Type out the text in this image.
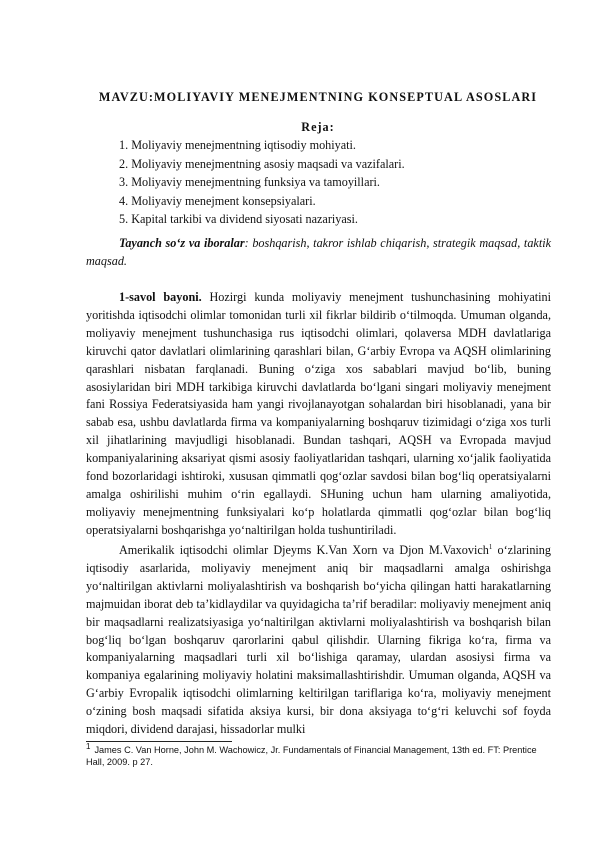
MAVZU:MOLIYAVIY MENEJMENTNING KONSEPTUAL ASOSLARI
Reja:
1. Moliyaviy menejmentning iqtisodiy mohiyati.
2. Moliyaviy menejmentning asosiy maqsadi va vazifalari.
3. Moliyaviy menejmentning funksiya va tamoyillari.
4. Moliyaviy menejment konsepsiyalari.
5. Kapital tarkibi va dividend siyosati nazariyasi.

Tayanch so‘z va iboralar: boshqarish, takror ishlab chiqarish, strategik maqsad, taktik maqsad.

1-savol bayoni. Hozirgi kunda moliyaviy menejment tushunchasining mohiyatini yoritishda iqtisodchi olimlar tomonidan turli xil fikrlar bildirib o‘tilmoqda. Umuman olganda, moliyaviy menejment tushunchasiga rus iqtisodchi olimlari, qolaversa MDH davlatlariga kiruvchi qator davlatlari olimlarining qarashlari bilan, G‘arbiy Evropa va AQSH olimlarining qarashlari nisbatan farqlanadi. Buning o‘ziga xos sabablari mavjud bo‘lib, buning asosiylaridan biri MDH tarkibiga kiruvchi davlatlarda bo‘lgani singari moliyaviy menejment fani Rossiya Federatsiyasida ham yangi rivojlanayotgan sohalardan biri hisoblanadi, yana bir sabab esa, ushbu davlatlarda firma va kompaniyalarning boshqaruv tizimidagi o‘ziga xos turli xil jihatlarining mavjudligi hisoblanadi. Bundan tashqari, AQSH va Evropada mavjud kompaniyalarining aksariyat qismi asosiy faoliyatlaridan tashqari, ularning xo‘jalik faoliyatida fond bozorlaridagi ishtiroki, xususan qimmatli qog‘ozlar savdosi bilan bog‘liq operatsiyalarni amalga oshirilishi muhim o‘rin egallaydi. SHuning uchun ham ularning amaliyotida, moliyaviy menejmentning funksiyalari ko‘p holatlarda qimmatli qog‘ozlar bilan bog‘liq operatsiyalarni boshqarishga yo‘naltirilgan holda tushuntiriladi.

Amerikalik iqtisodchi olimlar Djeyms K.Van Xorn va Djon M.Vaxovich$^1$ o‘zlarining iqtisodiy asarlarida, moliyaviy menejment aniq bir maqsadlarni amalga oshirishga yo‘naltirilgan aktivlarni moliyalashtirish va boshqarish bo‘yicha qilingan hatti harakatlarning majmuidan iborat deb ta’kidlaydilar va quyidagicha ta’rif beradilar: moliyaviy menejment aniq bir maqsadlarni realizatsiyasiga yo‘naltirilgan aktivlarni moliyalashtirish va boshqarish bilan bog‘liq bo‘lgan boshqaruv qarorlarini qabul qilishdir. Ularning fikriga ko‘ra, firma va kompaniyalarning maqsadlari turli xil bo‘lishiga qaramay, ulardan asosiysi firma va kompaniya egalarining moliyaviy holatini maksimallashtirishdir. Umuman olganda, AQSH va G‘arbiy Evropalik iqtisodchi olimlarning keltirilgan tariflariga ko‘ra, moliyaviy menejment o‘zining bosh maqsadi sifatida aksiya kursi, bir dona aksiyaga to‘g‘ri keluvchi sof foyda miqdori, dividend darajasi, hissadorlar mulki

1 James C. Van Horne, John M. Wachowicz, Jr. Fundamentals of Financial Management, 13th ed. FT: Prentice Hall, 2009. p 27.
